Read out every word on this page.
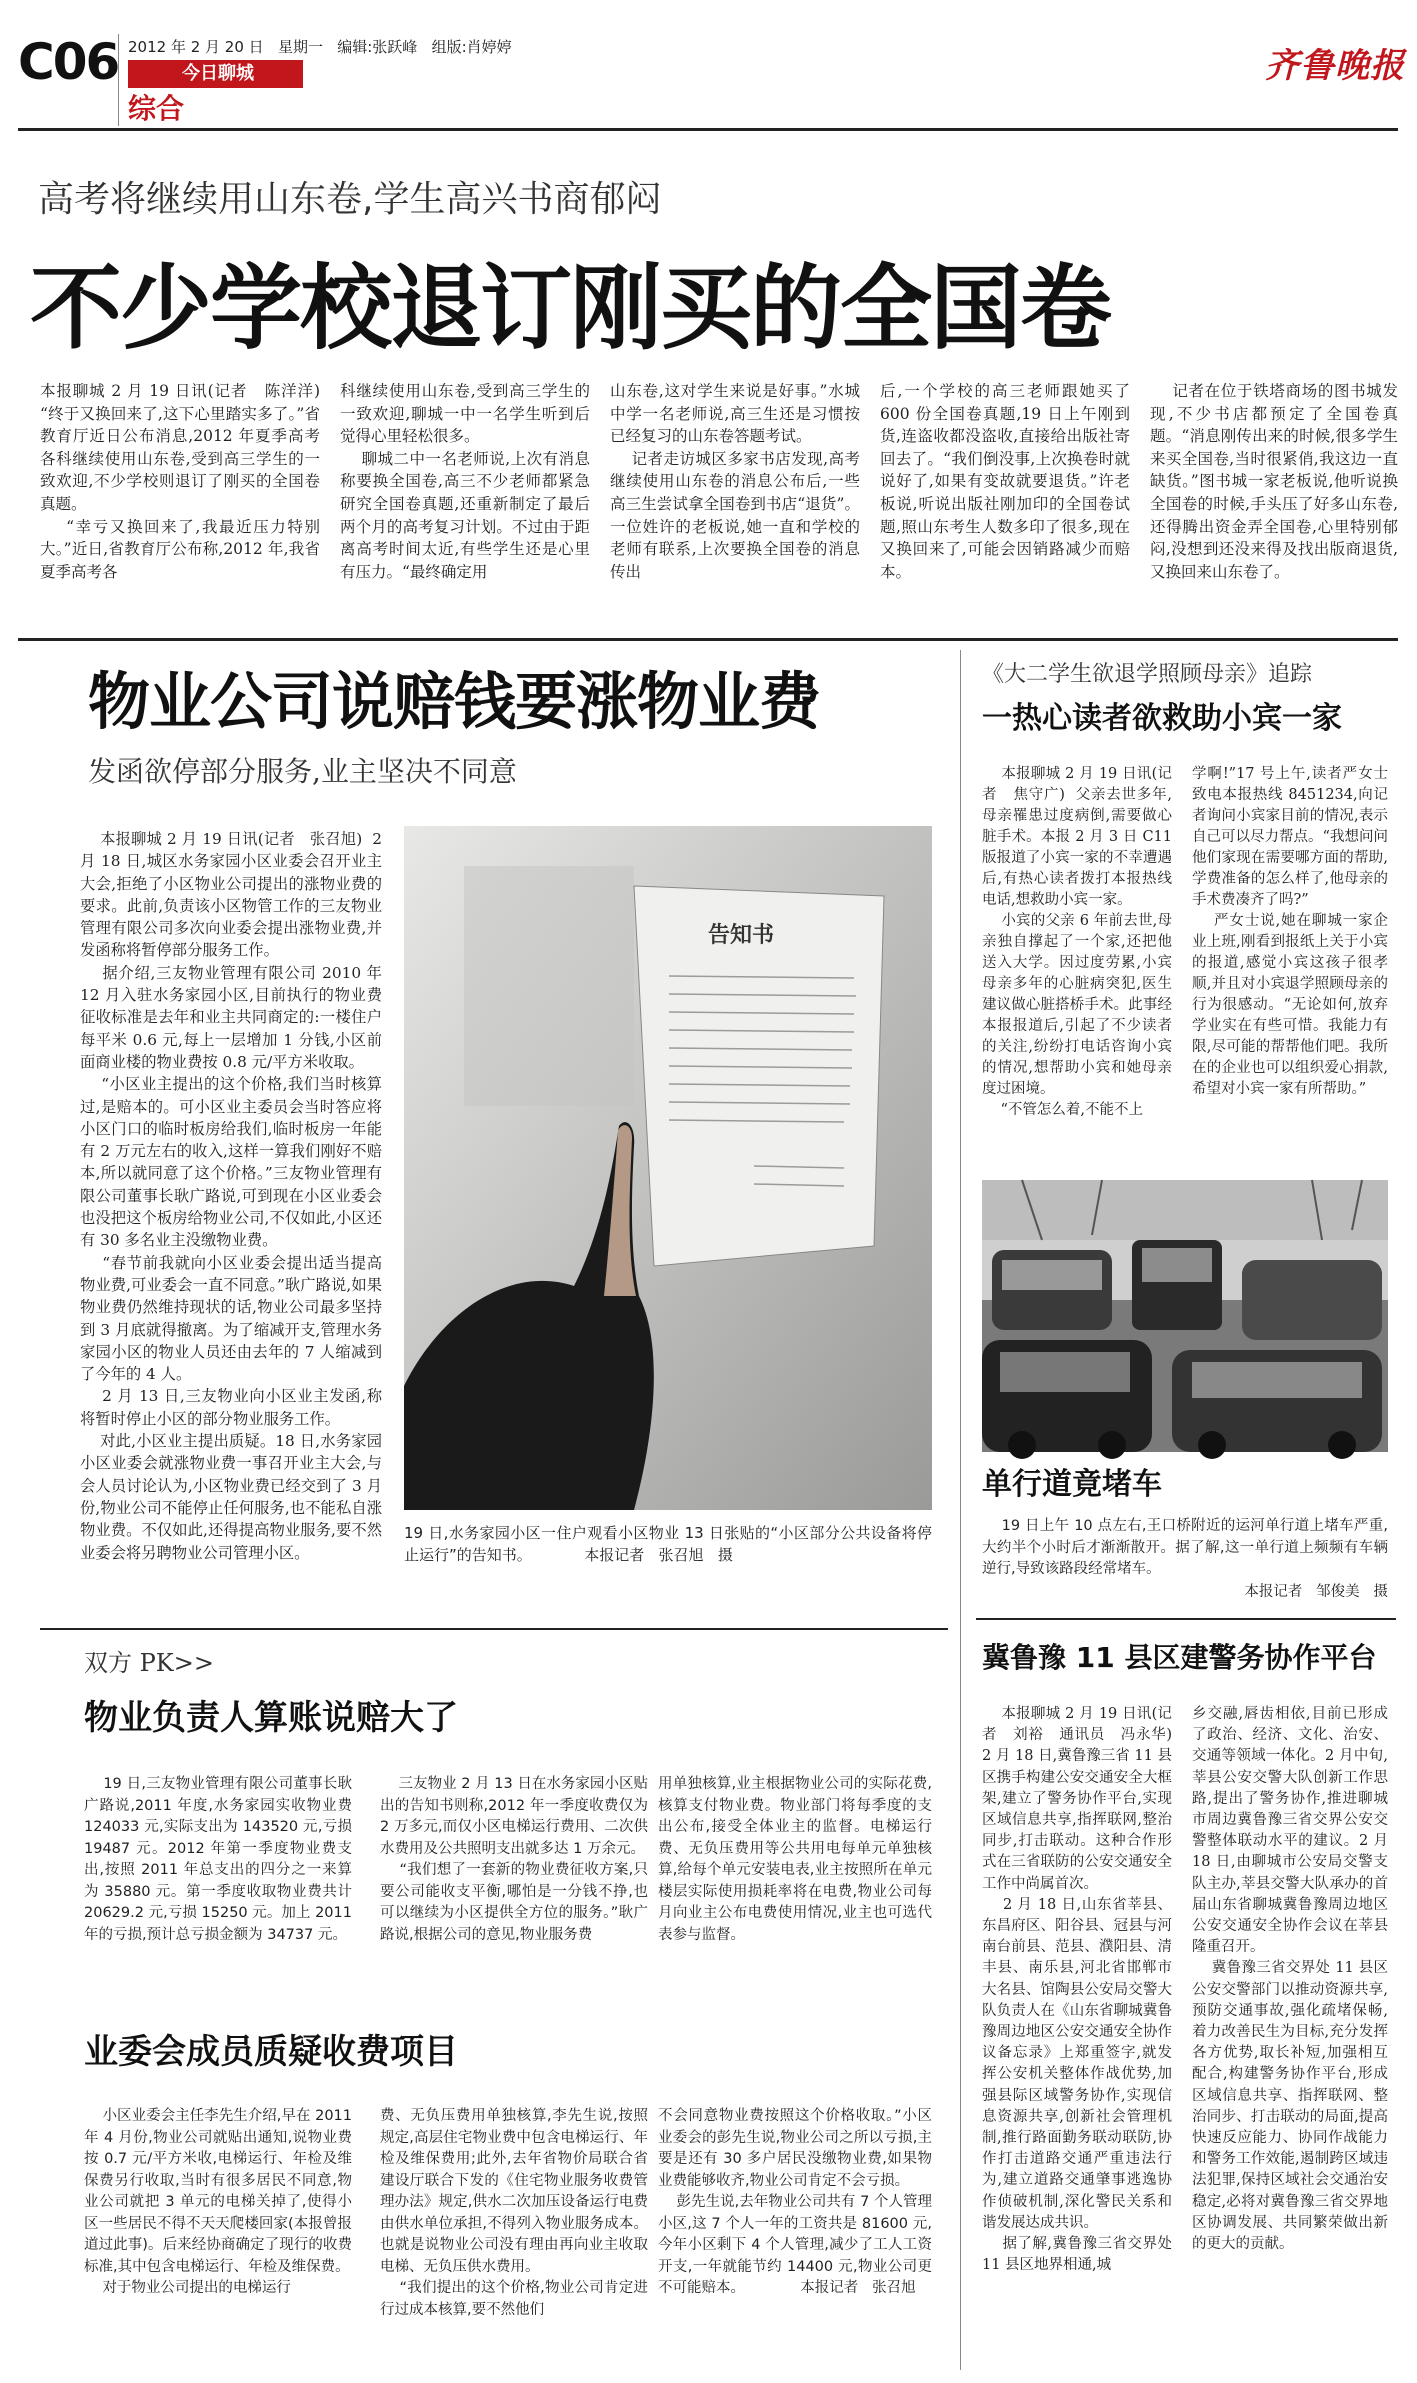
C06 2012 年 2 月 20 日   星期一   编辑:张跃峰   组版:肖婷婷
今日聊城
综合
齐鲁晚报
高考将继续用山东卷,学生高兴书商郁闷
不少学校退订刚买的全国卷
本报聊城 2 月 19 日讯(记者   陈洋洋)  “终于又换回来了,这下心里踏实多了。”省教育厅近日公布消息,2012 年夏季高考各科继续使用山东卷,受到高三学生的一致欢迎,不少学校则退订了刚买的全国卷真题。
“幸亏又换回来了,我最近压力特别大。”近日,省教育厅公布称,2012 年,我省夏季高考各
科继续使用山东卷,受到高三学生的一致欢迎,聊城一中一名学生听到后觉得心里轻松很多。
聊城二中一名老师说,上次有消息称要换全国卷,高三不少老师都紧急研究全国卷真题,还重新制定了最后两个月的高考复习计划。不过由于距离高考时间太近,有些学生还是心里有压力。“最终确定用
山东卷,这对学生来说是好事。”水城中学一名老师说,高三生还是习惯按已经复习的山东卷答题考试。
记者走访城区多家书店发现,高考继续使用山东卷的消息公布后,一些高三生尝试拿全国卷到书店“退货”。一位姓许的老板说,她一直和学校的老师有联系,上次要换全国卷的消息传出
后,一个学校的高三老师跟她买了 600 份全国卷真题,19 日上午刚到货,连盗收都没盗收,直接给出版社寄回去了。“我们倒没事,上次换卷时就说好了,如果有变故就要退货。”许老板说,听说出版社刚加印的全国卷试题,照山东考生人数多印了很多,现在又换回来了,可能会因销路减少而赔本。
记者在位于铁塔商场的图书城发现,不少书店都预定了全国卷真题。“消息刚传出来的时候,很多学生来买全国卷,当时很紧俏,我这边一直缺货。”图书城一家老板说,他听说换全国卷的时候,手头压了好多山东卷,还得腾出资金弄全国卷,心里特别郁闷,没想到还没来得及找出版商退货,又换回来山东卷了。
物业公司说赔钱要涨物业费
发函欲停部分服务,业主坚决不同意
本报聊城 2 月 19 日讯(记者   张召旭)  2 月 18 日,城区水务家园小区业委会召开业主大会,拒绝了小区物业公司提出的涨物业费的要求。此前,负责该小区物管工作的三友物业管理有限公司多次向业委会提出涨物业费,并发函称将暂停部分服务工作。
据介绍,三友物业管理有限公司 2010 年 12 月入驻水务家园小区,目前执行的物业费征收标准是去年和业主共同商定的:一楼住户每平米 0.6 元,每上一层增加 1 分钱,小区前面商业楼的物业费按 0.8 元/平方米收取。
“小区业主提出的这个价格,我们当时核算过,是赔本的。可小区业主委员会当时答应将小区门口的临时板房给我们,临时板房一年能有 2 万元左右的收入,这样一算我们刚好不赔本,所以就同意了这个价格。”三友物业管理有限公司董事长耿广路说,可到现在小区业委会也没把这个板房给物业公司,不仅如此,小区还有 30 多名业主没缴物业费。
“春节前我就向小区业委会提出适当提高物业费,可业委会一直不同意。”耿广路说,如果物业费仍然维持现状的话,物业公司最多坚持到 3 月底就得撤离。为了缩减开支,管理水务家园小区的物业人员还由去年的 7 人缩减到了今年的 4 人。
2 月 13 日,三友物业向小区业主发函,称将暂时停止小区的部分物业服务工作。
对此,小区业主提出质疑。18 日,水务家园小区业委会就涨物业费一事召开业主大会,与会人员讨论认为,小区物业费已经交到了 3 月份,物业公司不能停止任何服务,也不能私自涨物业费。不仅如此,还得提高物业服务,要不然业委会将另聘物业公司管理小区。
告知书
19 日,水务家园小区一住户观看小区物业 13 日张贴的“小区部分公共设备将停止运行”的告知书。           本报记者   张召旭   摄
双方 PK>>
物业负责人算账说赔大了
19 日,三友物业管理有限公司董事长耿广路说,2011 年度,水务家园实收物业费 124033 元,实际支出为 143520 元,亏损 19487 元。2012 年第一季度物业费支出,按照 2011 年总支出的四分之一来算为 35880 元。第一季度收取物业费共计 20629.2 元,亏损 15250 元。加上 2011 年的亏损,预计总亏损金额为 34737 元。
三友物业 2 月 13 日在水务家园小区贴出的告知书则称,2012 年一季度收费仅为 2 万多元,而仅小区电梯运行费用、二次供水费用及公共照明支出就多达 1 万余元。
“我们想了一套新的物业费征收方案,只要公司能收支平衡,哪怕是一分钱不挣,也可以继续为小区提供全方位的服务。”耿广路说,根据公司的意见,物业服务费
用单独核算,业主根据物业公司的实际花费,核算支付物业费。物业部门将每季度的支出公布,接受全体业主的监督。电梯运行费、无负压费用等公共用电每单元单独核算,给每个单元安装电表,业主按照所在单元楼层实际使用损耗率将在电费,物业公司每月向业主公布电费使用情况,业主也可选代表参与监督。
业委会成员质疑收费项目
小区业委会主任李先生介绍,早在 2011 年 4 月份,物业公司就贴出通知,说物业费按 0.7 元/平方米收,电梯运行、年检及维保费另行收取,当时有很多居民不同意,物业公司就把 3 单元的电梯关掉了,使得小区一些居民不得不天天爬楼回家(本报曾报道过此事)。后来经协商确定了现行的收费标准,其中包含电梯运行、年检及维保费。
对于物业公司提出的电梯运行
费、无负压费用单独核算,李先生说,按照规定,高层住宅物业费中包含电梯运行、年检及维保费用;此外,去年省物价局联合省建设厅联合下发的《住宅物业服务收费管理办法》规定,供水二次加压设备运行电费由供水单位承担,不得列入物业服务成本。也就是说物业公司没有理由再向业主收取电梯、无负压供水费用。
“我们提出的这个价格,物业公司肯定进行过成本核算,要不然他们
不会同意物业费按照这个价格收取。”小区业委会的彭先生说,物业公司之所以亏损,主要是还有 30 多户居民没缴物业费,如果物业费能够收齐,物业公司肯定不会亏损。
彭先生说,去年物业公司共有 7 个人管理小区,这 7 个人一年的工资共是 81600 元,今年小区剩下 4 个人管理,减少了工人工资开支,一年就能节约 14400 元,物业公司更不可能赔本。            本报记者   张召旭
《大二学生欲退学照顾母亲》追踪
一热心读者欲救助小宾一家
本报聊城 2 月 19 日讯(记者   焦守广)  父亲去世多年,母亲罹患过度病倒,需要做心脏手术。本报 2 月 3 日 C11 版报道了小宾一家的不幸遭遇后,有热心读者拨打本报热线电话,想救助小宾一家。
小宾的父亲 6 年前去世,母亲独自撑起了一个家,还把他送入大学。因过度劳累,小宾母亲多年的心脏病突犯,医生建议做心脏搭桥手术。此事经本报报道后,引起了不少读者的关注,纷纷打电话咨询小宾的情况,想帮助小宾和她母亲度过困境。
“不管怎么着,不能不上
学啊!”17 号上午,读者严女士致电本报热线 8451234,向记者询问小宾家目前的情况,表示自己可以尽力帮点。“我想问问他们家现在需要哪方面的帮助,学费准备的怎么样了,他母亲的手术费凑齐了吗?”
严女士说,她在聊城一家企业上班,刚看到报纸上关于小宾的报道,感觉小宾这孩子很孝顺,并且对小宾退学照顾母亲的行为很感动。“无论如何,放弃学业实在有些可惜。我能力有限,尽可能的帮帮他们吧。我所在的企业也可以组织爱心捐款,希望对小宾一家有所帮助。”
单行道竟堵车
19 日上午 10 点左右,王口桥附近的运河单行道上堵车严重,大约半个小时后才渐渐散开。据了解,这一单行道上频频有车辆逆行,导致该路段经常堵车。
本报记者   邹俊美   摄
冀鲁豫 11 县区建警务协作平台
本报聊城 2 月 19 日讯(记者   刘裕   通讯员   冯永华)  2 月 18 日,冀鲁豫三省 11 县区携手构建公安交通安全大框架,建立了警务协作平台,实现区域信息共享,指挥联网,整治同步,打击联动。这种合作形式在三省联防的公安交通安全工作中尚属首次。
2 月 18 日,山东省莘县、东昌府区、阳谷县、冠县与河南台前县、范县、濮阳县、清丰县、南乐县,河北省邯郸市大名县、馆陶县公安局交警大队负责人在《山东省聊城冀鲁豫周边地区公安交通安全协作议备忘录》上郑重签字,就发挥公安机关整体作战优势,加强县际区域警务协作,实现信息资源共享,创新社会管理机制,推行路面勤务联动联防,协作打击道路交通严重违法行为,建立道路交通肇事逃逸协作侦破机制,深化警民关系和谐发展达成共识。
据了解,冀鲁豫三省交界处 11 县区地界相通,城
乡交融,唇齿相依,目前已形成了政治、经济、文化、治安、交通等领域一体化。2 月中旬,莘县公安交警大队创新工作思路,提出了警务协作,推进聊城市周边冀鲁豫三省交界公安交警整体联动水平的建议。2 月 18 日,由聊城市公安局交警支队主办,莘县交警大队承办的首届山东省聊城冀鲁豫周边地区公安交通安全协作会议在莘县隆重召开。
冀鲁豫三省交界处 11 县区公安交警部门以推动资源共享,预防交通事故,强化疏堵保畅,着力改善民生为目标,充分发挥各方优势,取长补短,加强相互配合,构建警务协作平台,形成区域信息共享、指挥联网、整治同步、打击联动的局面,提高快速反应能力、协同作战能力和警务工作效能,遏制跨区域违法犯罪,保持区域社会交通治安稳定,必将对冀鲁豫三省交界地区协调发展、共同繁荣做出新的更大的贡献。
